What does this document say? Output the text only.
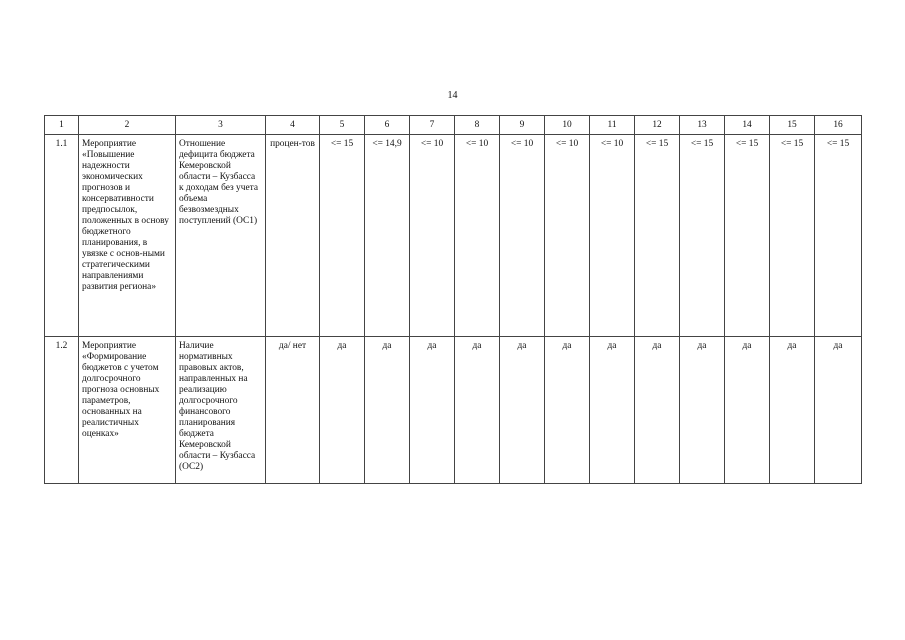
14
1	2	3	4	5	6	7	8	9	10	11	12	13	14	15	16
1.1	Мероприятие «Повышение надежности экономических прогнозов и консервативности предпосылок, положенных в основу бюджетного планирования, в увязке с основ-ными стратегическими направлениями развития региона»	Отношение дефицита бюджета Кемеровской области – Кузбасса к доходам без учета объема безвозмездных поступлений (ОС1)	процен-тов	<= 15	<= 14,9	<= 10	<= 10	<= 10	<= 10	<= 10	<= 15	<= 15	<= 15	<= 15	<= 15
1.2	Мероприятие «Формирование бюджетов с учетом долгосрочного прогноза основных параметров, основанных на реалистичных оценках»	Наличие нормативных правовых актов, направленных на реализацию долгосрочного финансового планирования бюджета Кемеровской области – Кузбасса (ОС2)	да/ нет	да	да	да	да	да	да	да	да	да	да	да	да
